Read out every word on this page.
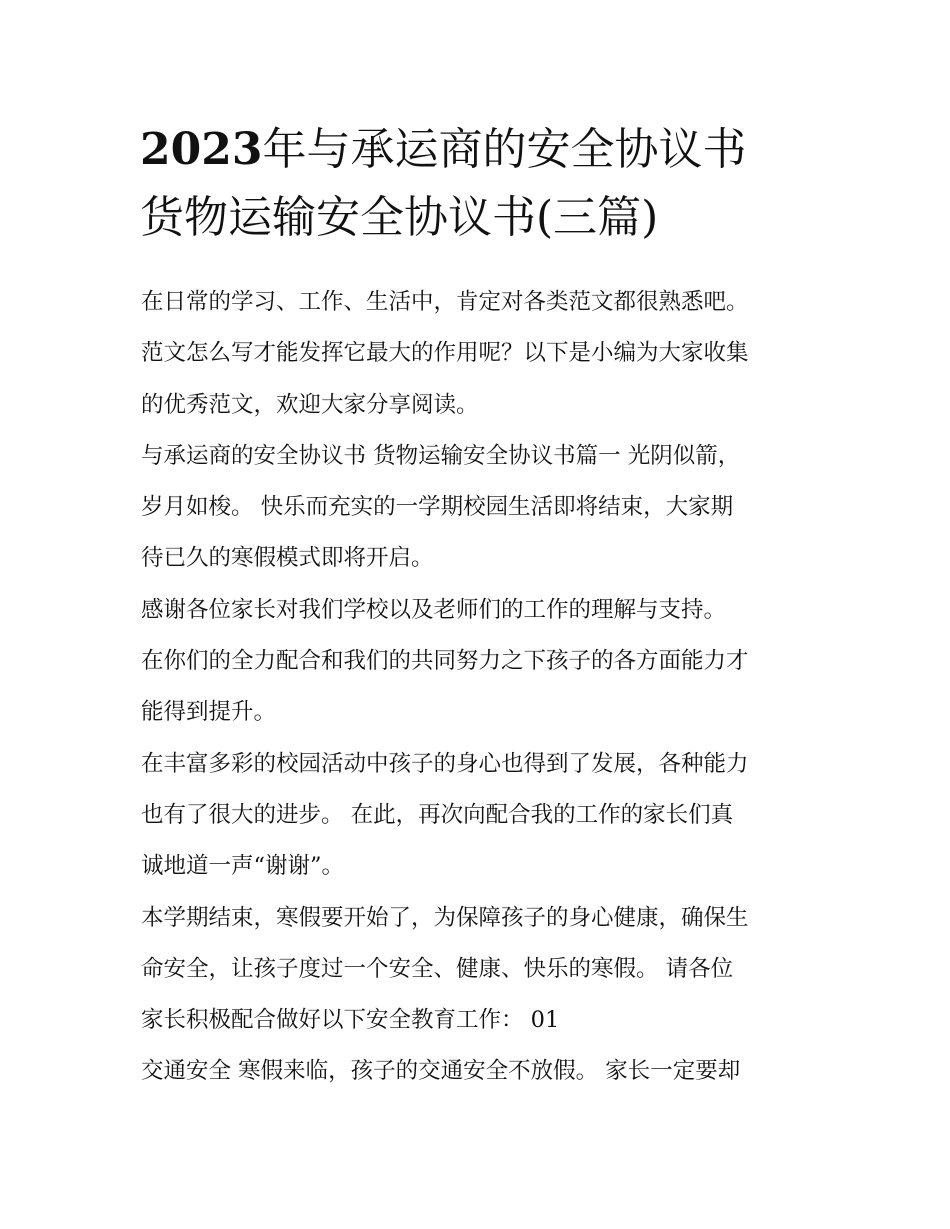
2023年与承运商的安全协议书
货物运输安全协议书(三篇)

在日常的学习、工作、生活中，肯定对各类范文都很熟悉吧。
范文怎么写才能发挥它最大的作用呢？以下是小编为大家收集
的优秀范文，欢迎大家分享阅读。

与承运商的安全协议书 货物运输安全协议书篇一 光阴似箭，
岁月如梭。 快乐而充实的一学期校园生活即将结束，大家期
待已久的寒假模式即将开启。

感谢各位家长对我们学校以及老师们的工作的理解与支持。

在你们的全力配合和我们的共同努力之下孩子的各方面能力才
能得到提升。

在丰富多彩的校园活动中孩子的身心也得到了发展，各种能力
也有了很大的进步。 在此，再次向配合我的工作的家长们真
诚地道一声“谢谢”。

本学期结束，寒假要开始了，为保障孩子的身心健康，确保生
命安全，让孩子度过一个安全、健康、快乐的寒假。 请各位
家长积极配合做好以下安全教育工作： 01

交通安全 寒假来临，孩子的交通安全不放假。 家长一定要却
